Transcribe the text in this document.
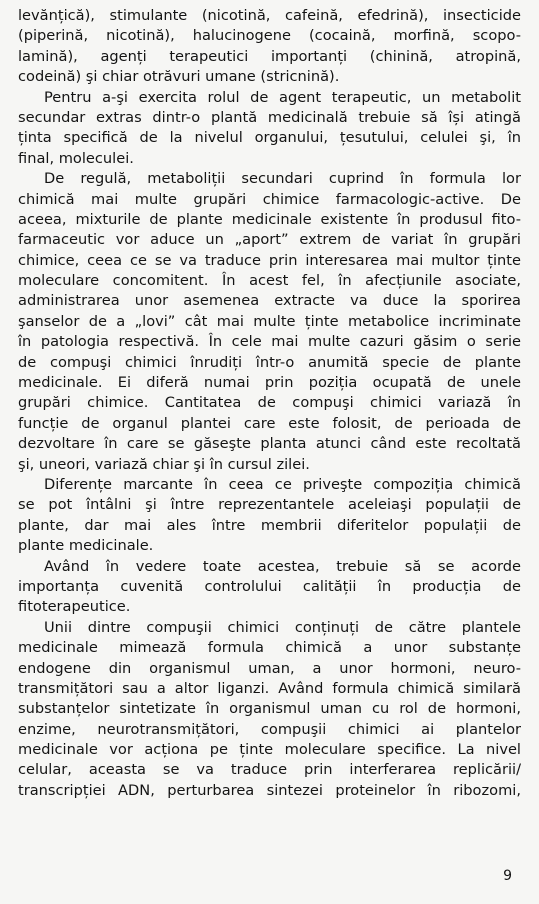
levănțică), stimulante (nicotină, cafeină, efedrină), insecticide
(piperină, nicotină), halucinogene (cocaină, morfină, scopo-
lamină), agenți terapeutici importanți (chinină, atropină,
codeină) şi chiar otrăvuri umane (stricnină).
Pentru a-şi exercita rolul de agent terapeutic, un metabolit
secundar extras dintr-o plantă medicinală trebuie să își atingă
ținta specifică de la nivelul organului, țesutului, celulei şi, în
final, moleculei.
De regulă, metaboliții secundari cuprind în formula lor
chimică mai multe grupări chimice farmacologic-active. De
aceea, mixturile de plante medicinale existente în produsul fito-
farmaceutic vor aduce un „aport” extrem de variat în grupări
chimice, ceea ce se va traduce prin interesarea mai multor ținte
moleculare concomitent. În acest fel, în afecțiunile asociate,
administrarea unor asemenea extracte va duce la sporirea
şanselor de a „lovi” cât mai multe ținte metabolice incriminate
în patologia respectivă. În cele mai multe cazuri găsim o serie
de compuşi chimici înrudiți într-o anumită specie de plante
medicinale. Ei diferă numai prin poziția ocupată de unele
grupări chimice. Cantitatea de compuşi chimici variază în
funcție de organul plantei care este folosit, de perioada de
dezvoltare în care se găseşte planta atunci când este recoltată
şi, uneori, variază chiar şi în cursul zilei.
Diferențe marcante în ceea ce priveşte compoziția chimică
se pot întâlni şi între reprezentantele aceleiaşi populații de
plante, dar mai ales între membrii diferitelor populații de
plante medicinale.
Având în vedere toate acestea, trebuie să se acorde
importanța cuvenită controlului calității în producția de
fitoterapeutice.
Unii dintre compuşii chimici conținuți de către plantele
medicinale mimează formula chimică a unor substanțe
endogene din organismul uman, a unor hormoni, neuro-
transmițători sau a altor liganzi. Având formula chimică similară
substanțelor sintetizate în organismul uman cu rol de hormoni,
enzime, neurotransmițători, compuşii chimici ai plantelor
medicinale vor acționa pe ținte moleculare specifice. La nivel
celular, aceasta se va traduce prin interferarea replicării/
transcripției ADN, perturbarea sintezei proteinelor în ribozomi,
9
